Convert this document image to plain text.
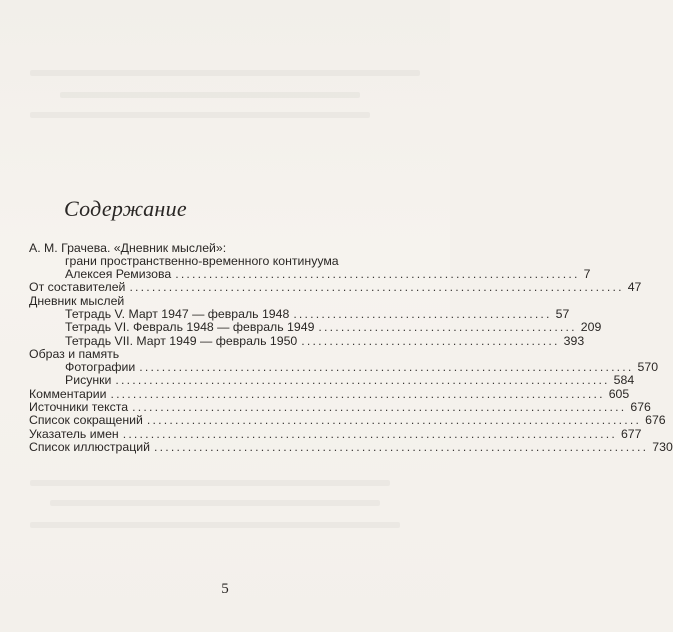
Содержание
А. М. Грачева. «Дневник мыслей»:
грани пространственно-временного континуума
Алексея Ремизова ........................................................................ 7
От составителей ........................................................................................ 47
Дневник мыслей
Тетрадь V. Март 1947 — февраль 1948 .............................................. 57
Тетрадь VI. Февраль 1948 — февраль 1949 .............................................. 209
Тетрадь VII. Март 1949 — февраль 1950 .............................................. 393
Образ и память
Фотографии ........................................................................................ 570
Рисунки ........................................................................................ 584
Комментарии ........................................................................................ 605
Источники текста ........................................................................................ 676
Список сокращений ........................................................................................ 676
Указатель имен ........................................................................................ 677
Список иллюстраций ........................................................................................ 730
5
